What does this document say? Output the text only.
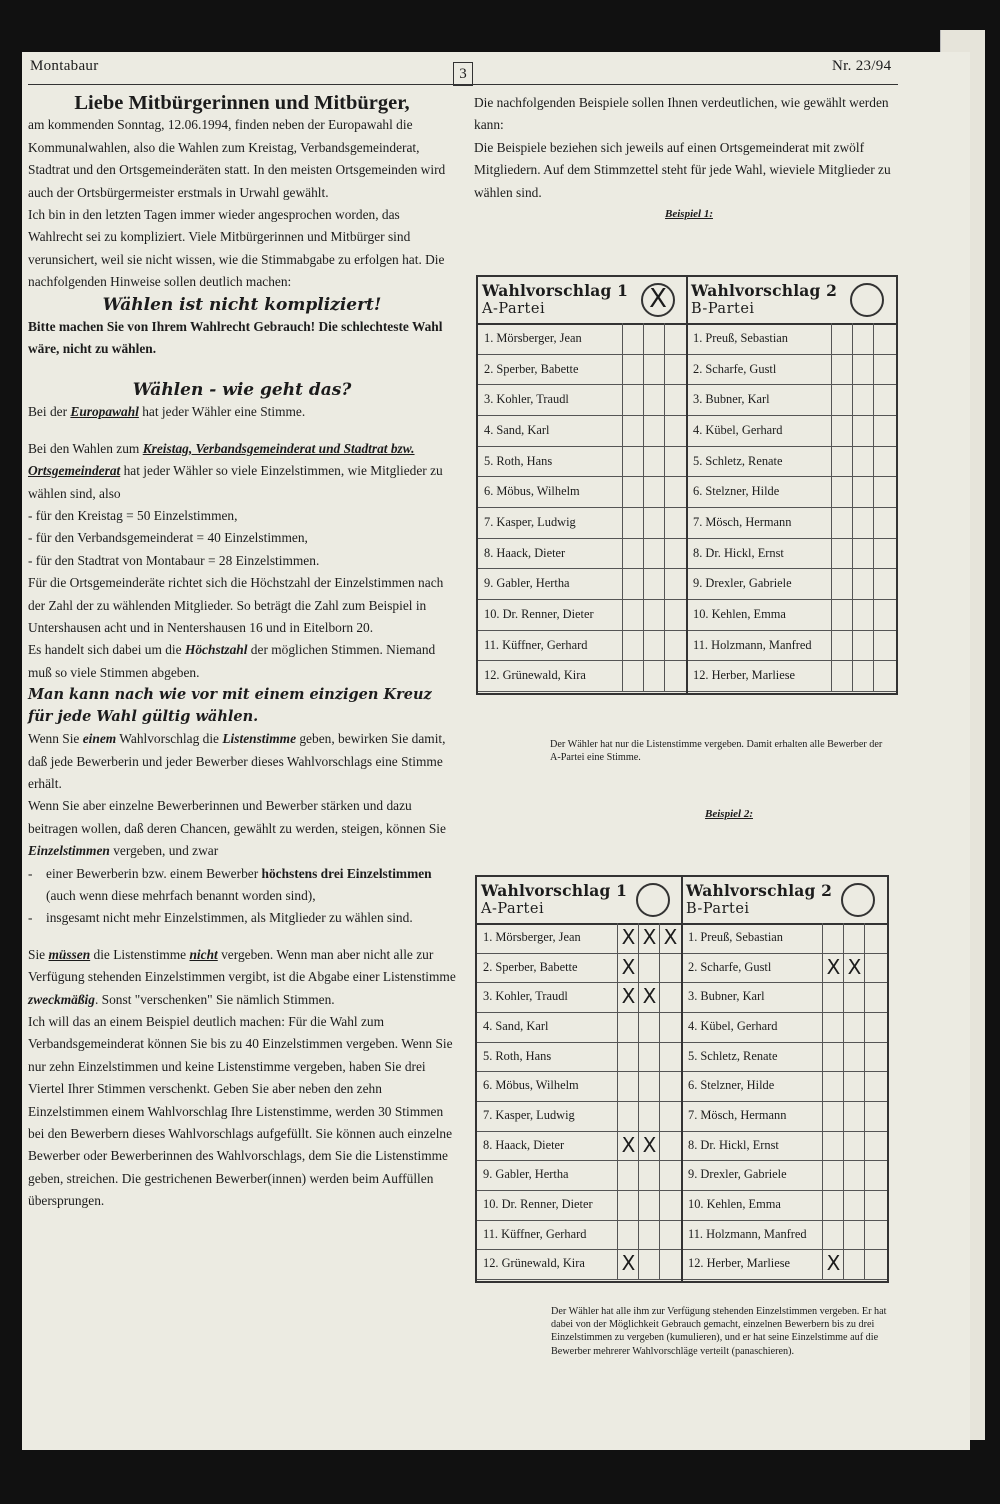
Montabaur	3	Nr. 23/94

Liebe Mitbürgerinnen und Mitbürger,

am kommenden Sonntag, 12.06.1994, finden neben der Europawahl die Kommunalwahlen, also die Wahlen zum Kreistag, Verbandsgemeinderat, Stadtrat und den Ortsgemeinderäten statt. In den meisten Ortsgemeinden wird auch der Ortsbürgermeister erstmals in Urwahl gewählt.

Ich bin in den letzten Tagen immer wieder angesprochen worden, das Wahlrecht sei zu kompliziert. Viele Mitbürgerinnen und Mitbürger sind verunsichert, weil sie nicht wissen, wie die Stimmabgabe zu erfolgen hat. Die nachfolgenden Hinweise sollen deutlich machen:

Wählen ist nicht kompliziert!

Bitte machen Sie von Ihrem Wahlrecht Gebrauch! Die schlechteste Wahl wäre, nicht zu wählen.

Wählen - wie geht das?

Bei der Europawahl hat jeder Wähler eine Stimme.

Bei den Wahlen zum Kreistag, Verbandsgemeinderat und Stadtrat bzw. Ortsgemeinderat hat jeder Wähler so viele Einzelstimmen, wie Mitglieder zu wählen sind, also

- für den Kreistag = 50 Einzelstimmen,

- für den Verbandsgemeinderat = 40 Einzelstimmen,

- für den Stadtrat von Montabaur = 28 Einzelstimmen.

Für die Ortsgemeinderäte richtet sich die Höchstzahl der Einzelstimmen nach der Zahl der zu wählenden Mitglieder. So beträgt die Zahl zum Beispiel in Untershausen acht und in Nentershausen 16 und in Eitelborn 20.

Es handelt sich dabei um die Höchstzahl der möglichen Stimmen. Niemand muß so viele Stimmen abgeben.

Man kann nach wie vor mit einem einzigen Kreuz für jede Wahl gültig wählen.

Wenn Sie einem Wahlvorschlag die Listenstimme geben, bewirken Sie damit, daß jede Bewerberin und jeder Bewerber dieses Wahlvorschlags eine Stimme erhält.

Wenn Sie aber einzelne Bewerberinnen und Bewerber stärken und dazu beitragen wollen, daß deren Chancen, gewählt zu werden, steigen, können Sie Einzelstimmen vergeben, und zwar

- einer Bewerberin bzw. einem Bewerber höchstens drei Einzelstimmen (auch wenn diese mehrfach benannt worden sind),

- insgesamt nicht mehr Einzelstimmen, als Mitglieder zu wählen sind.

Sie müssen die Listenstimme nicht vergeben. Wenn man aber nicht alle zur Verfügung stehenden Einzelstimmen vergibt, ist die Abgabe einer Listenstimme zweckmäßig. Sonst "verschenken" Sie nämlich Stimmen.

Ich will das an einem Beispiel deutlich machen: Für die Wahl zum Verbandsgemeinderat können Sie bis zu 40 Einzelstimmen vergeben. Wenn Sie nur zehn Einzelstimmen und keine Listenstimme vergeben, haben Sie drei Viertel Ihrer Stimmen verschenkt. Geben Sie aber neben den zehn Einzelstimmen einem Wahlvorschlag Ihre Listenstimme, werden 30 Stimmen bei den Bewerbern dieses Wahlvorschlags aufgefüllt. Sie können auch einzelne Bewerber oder Bewerberinnen des Wahlvorschlags, dem Sie die Listenstimme geben, streichen. Die gestrichenen Bewerber(innen) werden beim Auffüllen übersprungen.

Die nachfolgenden Beispiele sollen Ihnen verdeutlichen, wie gewählt werden kann:

Die Beispiele beziehen sich jeweils auf einen Ortsgemeinderat mit zwölf Mitgliedern. Auf dem Stimmzettel steht für jede Wahl, wieviele Mitglieder zu wählen sind.

Beispiel 1:
Wahlvorschlag 1
A-Partei	X
1. Mörsberger, Jean
2. Sperber, Babette
3. Kohler, Traudl
4. Sand, Karl
5. Roth, Hans
6. Möbus, Wilhelm
7. Kasper, Ludwig
8. Haack, Dieter
9. Gabler, Hertha
10. Dr. Renner, Dieter
11. Küffner, Gerhard
12. Grünewald, Kira
Wahlvorschlag 2
B-Partei
1. Preuß, Sebastian
2. Scharfe, Gustl
3. Bubner, Karl
4. Kübel, Gerhard
5. Schletz, Renate
6. Stelzner, Hilde
7. Mösch, Hermann
8. Dr. Hickl, Ernst
9. Drexler, Gabriele
10. Kehlen, Emma
11. Holzmann, Manfred
12. Herber, Marliese
Der Wähler hat nur die Listenstimme vergeben. Damit erhalten alle Bewerber der A-Partei eine Stimme.
Beispiel 2:
Wahlvorschlag 1
A-Partei
1. Mörsberger, Jean X X X
2. Sperber, Babette X
3. Kohler, Traudl	X X
4. Sand, Karl
5. Roth, Hans
6. Möbus, Wilhelm
7. Kasper, Ludwig
8. Haack, Dieter	X X
9. Gabler, Hertha
10. Dr. Renner, Dieter
11. Küffner, Gerhard
12. Grünewald, Kira X
Wahlvorschlag 2
B-Partei
1. Preuß, Sebastian
2. Scharfe, Gustl	X X
3. Bubner, Karl
4. Kübel, Gerhard
5. Schletz, Renate
6. Stelzner, Hilde
7. Mösch, Hermann
8. Dr. Hickl, Ernst
9. Drexler, Gabriele
10. Kehlen, Emma
11. Holzmann, Manfred
12. Herber, Marliese X
Der Wähler hat alle ihm zur Verfügung stehenden Einzelstimmen vergeben. Er hat dabei von der Möglichkeit Gebrauch gemacht, einzelnen Bewerbern bis zu drei Einzelstimmen zu vergeben (kumulieren), und er hat seine Einzelstimme auf die Bewerber mehrerer Wahlvorschläge verteilt (panaschieren).
